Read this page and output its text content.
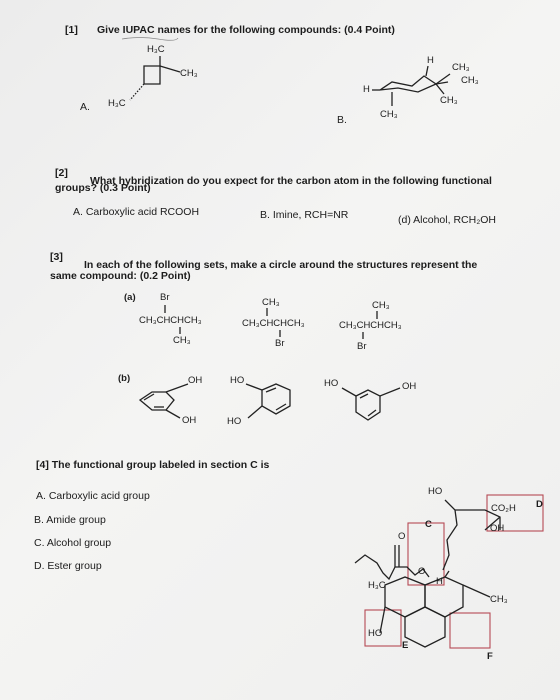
[1] Give IUPAC names for the following compounds: (0.4 Point)
A.
H₃C
CH₃
H₃C
B.
H
H
CH₃
CH₃
CH₃
CH₃
[2]
What hybridization do you expect for the carbon atom in the following functional
groups? (0.3 Point)
A. Carboxylic acid RCOOH	B. Imine, RCH=NR	(d) Alcohol, RCH₂OH
[3]
In each of the following sets, make a circle around the structures represent the
same compound: (0.2 Point)
(a)	Br
CH₃CHCHCH₃
CH₃
CH₃
CH₃CHCHCH₃
Br
CH₃
CH₃CHCHCH₃
Br
(b)	OH
OH
HO
HO
HO	OH
[4] The functional group labeled in section C is
A. Carboxylic acid group
B. Amide group
C. Alcohol group
D. Ester group
HO
CO₂H
OH
CH₃
H₃C
HO
O
O
H
C
D
E
F
